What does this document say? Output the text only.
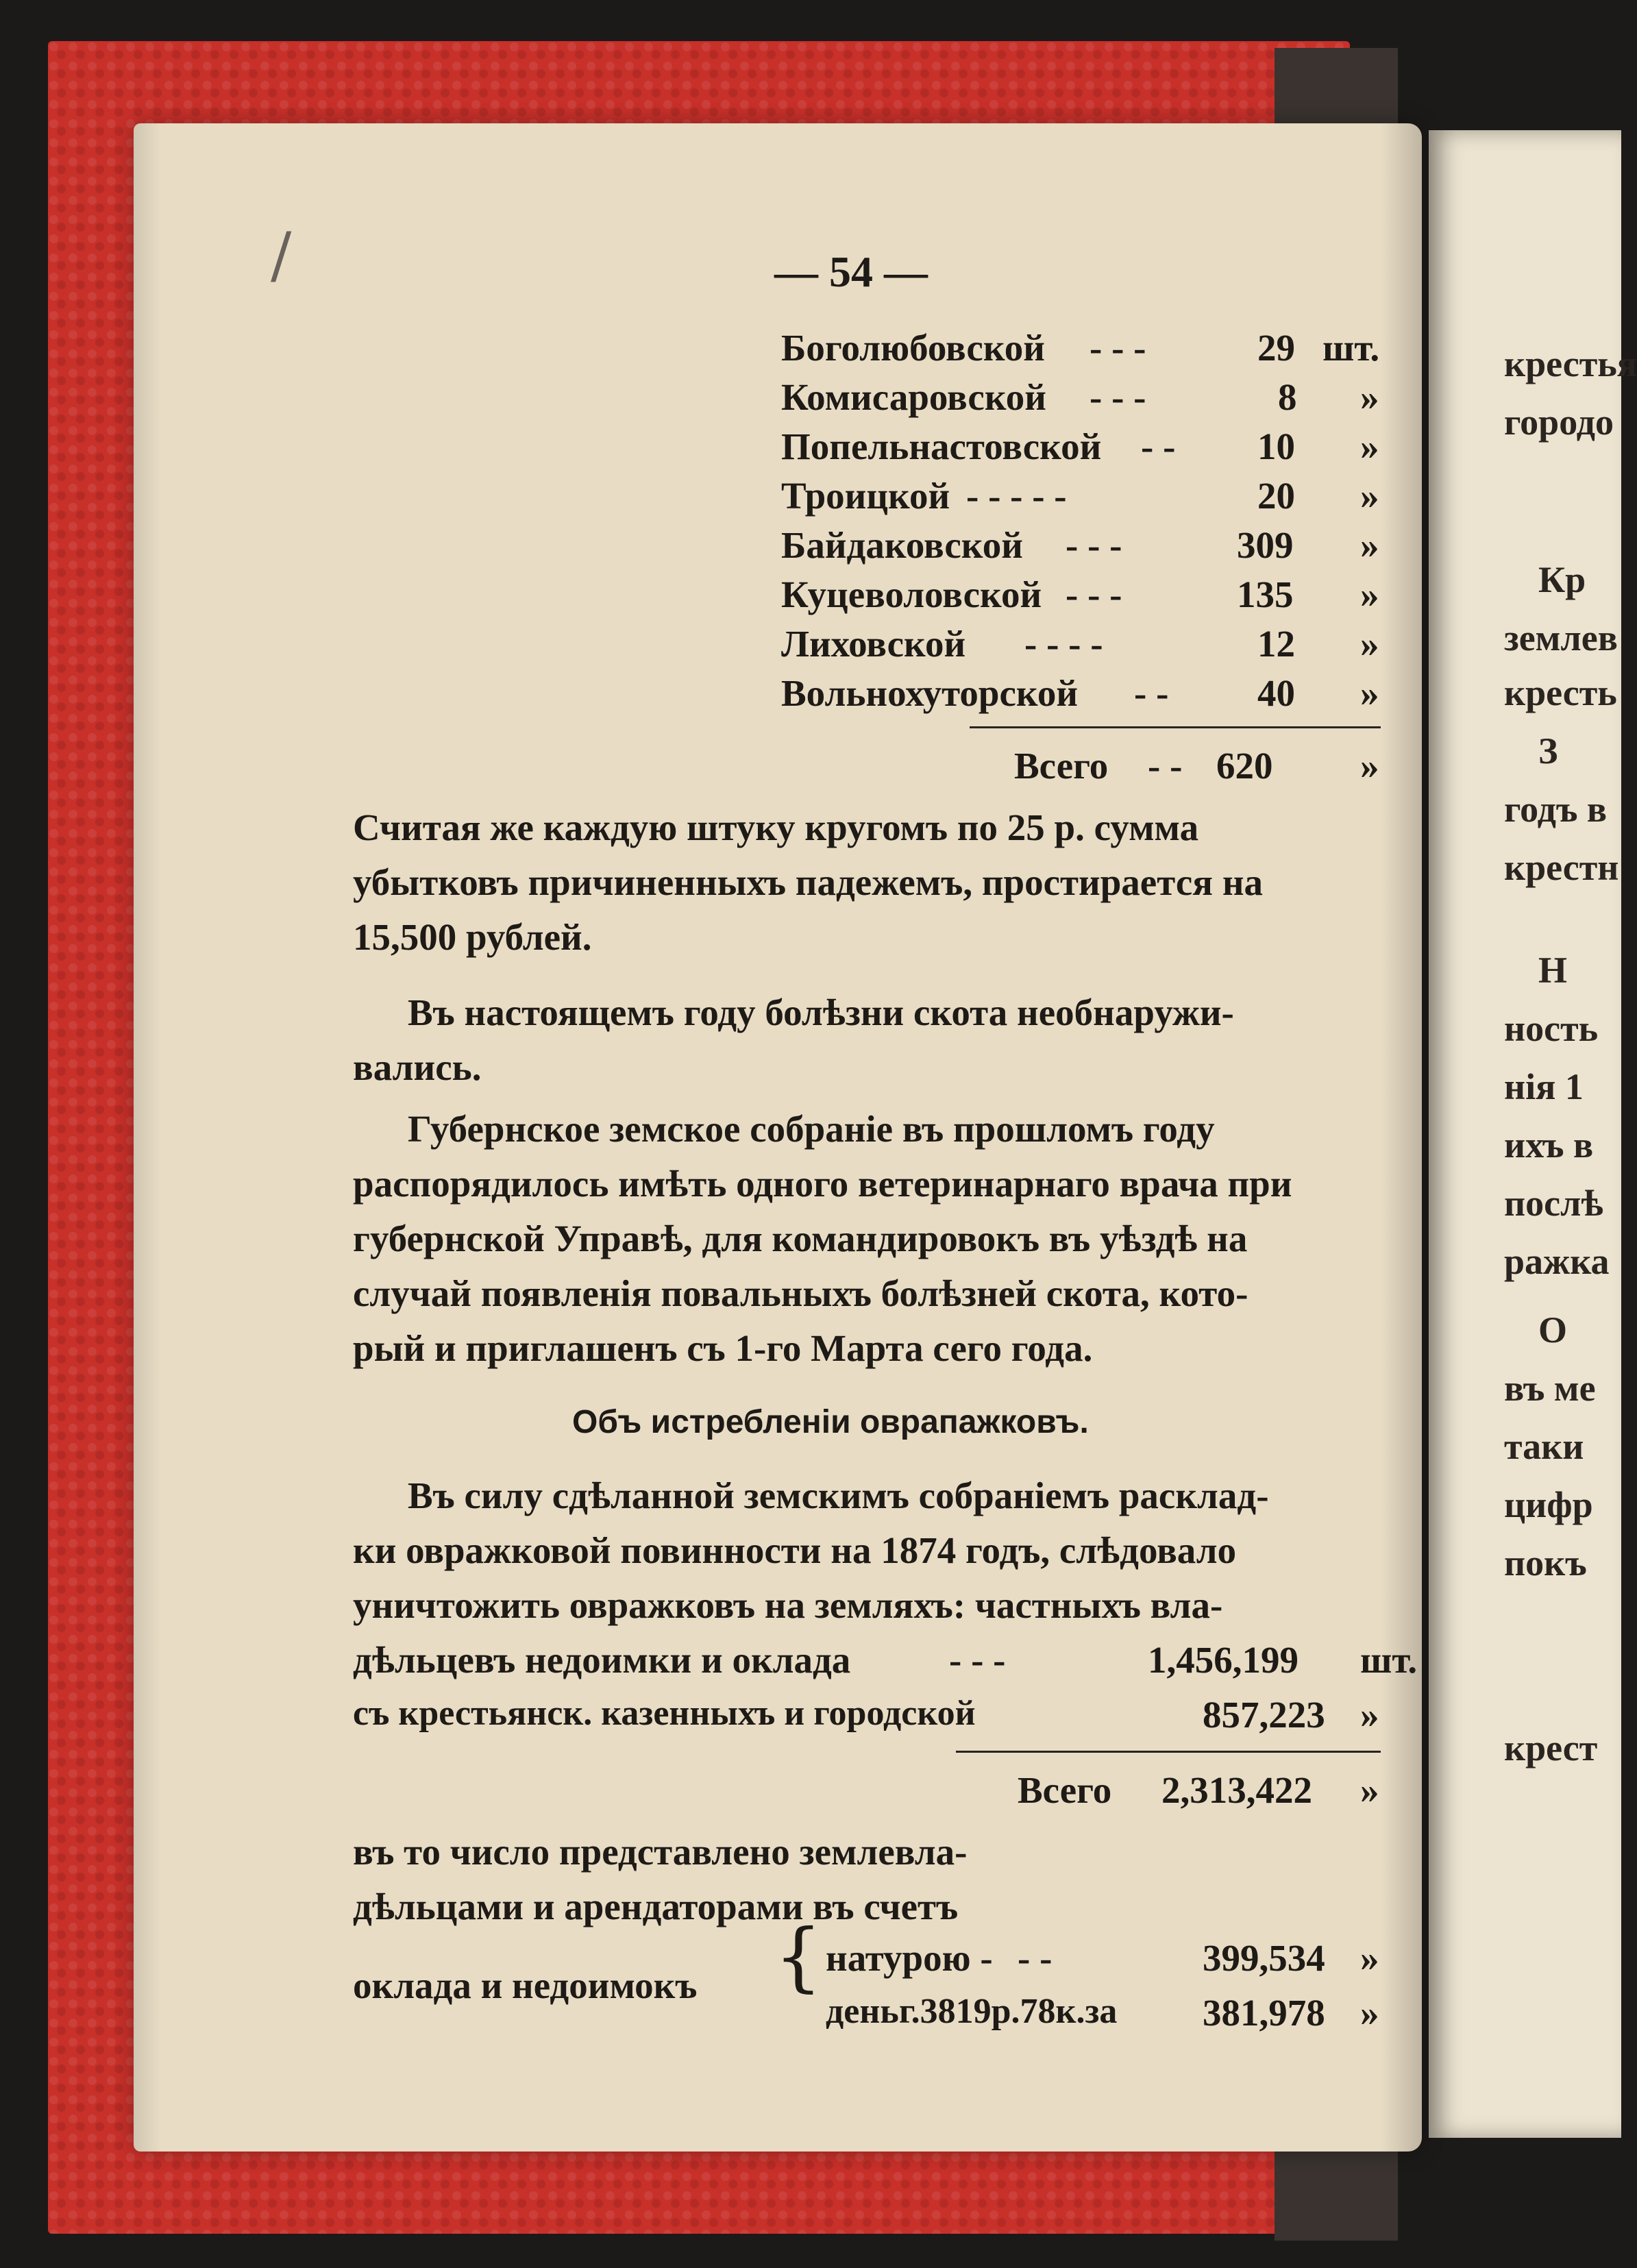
крестья
городо
Кр
землев
кресть
З
годъ в
крестн
Н
ность
нія 1
ихъ в
послѣ
ражка
О
въ ме
таки
цифр
покъ
крест
/	— 54 —
Боголюбовской - - -	29 шт.
Комисаровской - - -	8 »
Попельнастовской - - 10 »
Троицкой - - - - -	20 »
Байдаковской - - -	309 »
Куцеволовской - - -	135 »
Лиховской - - - -	12 »
Вольнохуторской - - 40 »
Всего - - 620 »
Считая же каждую штуку кругомъ по 25 р. сумма
убытковъ причиненныхъ падежемъ, простирается на
15,500 рублей.
Въ настоящемъ году болѣзни скота необнаружи-
вались.
Губернское земское собраніе въ прошломъ году
распорядилось имѣть одного ветеринарнаго врача при
губернской Управѣ, для командировокъ въ уѣздѣ на
случай появленія повальныхъ болѣзней скота, кото-
рый и приглашенъ съ 1-го Марта сего года.
Объ истребленіи оврапажковъ.
Въ силу сдѣланной земскимъ собраніемъ расклад-
ки овражковой повинности на 1874 годъ, слѣдовало
уничтожить овражковъ на земляхъ: частныхъ вла-
дѣльцевъ недоимки и оклада	- - -	1,456,199 шт.
съ крестьянск. казенныхъ и городской	857,223 »
Всего 2,313,422 »
въ то число представлено землевла-
дѣльцами и арендаторами въ счетъ
оклада и недоимокъ { натурою - - -	399,534 »
деньг.3819р.78к.за 381,978 »
